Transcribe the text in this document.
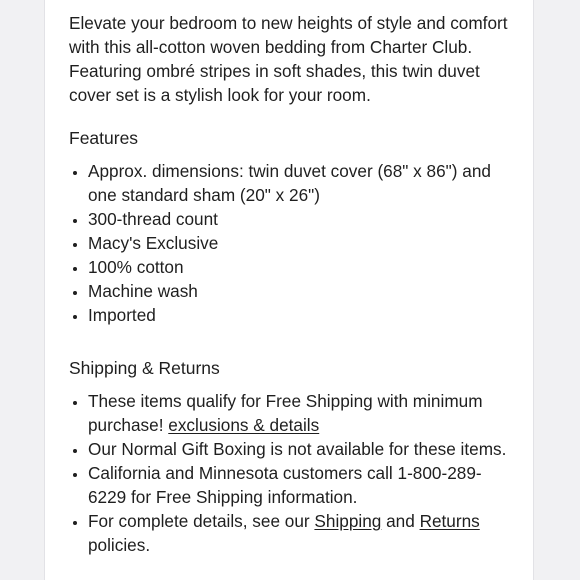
Elevate your bedroom to new heights of style and comfort with this all-cotton woven bedding from Charter Club. Featuring ombré stripes in soft shades, this twin duvet cover set is a stylish look for your room.

Features
• Approx. dimensions: twin duvet cover (68" x 86") and one standard sham (20" x 26")
• 300-thread count
• Macy's Exclusive
• 100% cotton
• Machine wash
• Imported
Shipping & Returns
• These items qualify for Free Shipping with minimum purchase! exclusions & details
• Our Normal Gift Boxing is not available for these items.
• California and Minnesota customers call 1-800-289-6229 for Free Shipping information.
• For complete details, see our Shipping and Returns policies.
